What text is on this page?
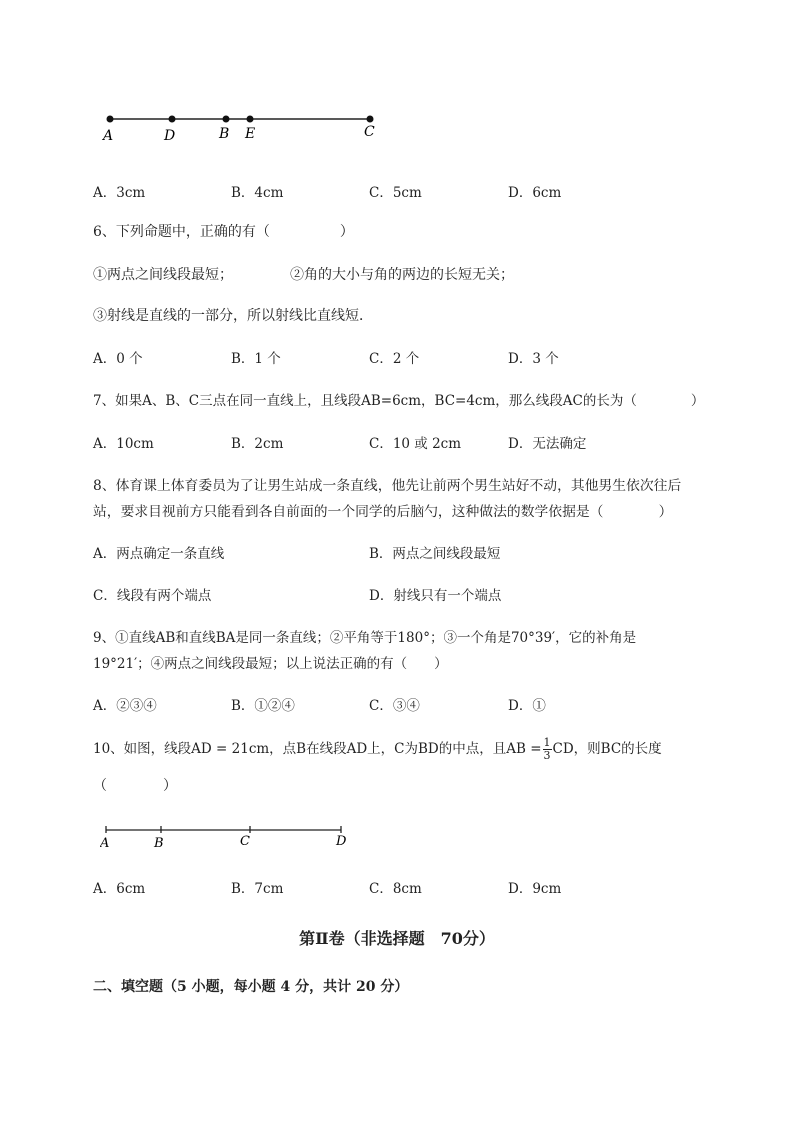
A	D	B E	C
A．3cm	B．4cm	C．5cm	D．6cm
6、下列命题中，正确的有（　　　　　）
①两点之间线段最短；	②角的大小与角的两边的长短无关；
③射线是直线的一部分，所以射线比直线短．
A．0 个	B．1 个	C．2 个	D．3 个
7、如果A、B、C三点在同一直线上，且线段AB=6cm，BC=4cm，那么线段AC的长为（　　　　）
A．10cm	B．2cm	C．10 或 2cm	D．无法确定
8、体育课上体育委员为了让男生站成一条直线，他先让前两个男生站好不动，其他男生依次往后
站，要求目视前方只能看到各自前面的一个同学的后脑勺，这种做法的数学依据是（　　　　）
A．两点确定一条直线	B．两点之间线段最短
C．线段有两个端点	D．射线只有一个端点
9、①直线AB和直线BA是同一条直线；②平角等于180°；③一个角是70°39′，它的补角是
19°21′；④两点之间线段最短；以上说法正确的有（　　）
A．②③④	B．①②④	C．③④	D．①
10、如图，线段AD = 21cm，点B在线段AD上，C为BD的中点，且AB = $\frac{1}{3}$ CD，则BC的长度
（　　　　）
A	B	C	D
A．6cm	B．7cm	C．8cm	D．9cm
第Ⅱ卷（非选择题　70分）
二、填空题（5 小题，每小题 4 分，共计 20 分）
